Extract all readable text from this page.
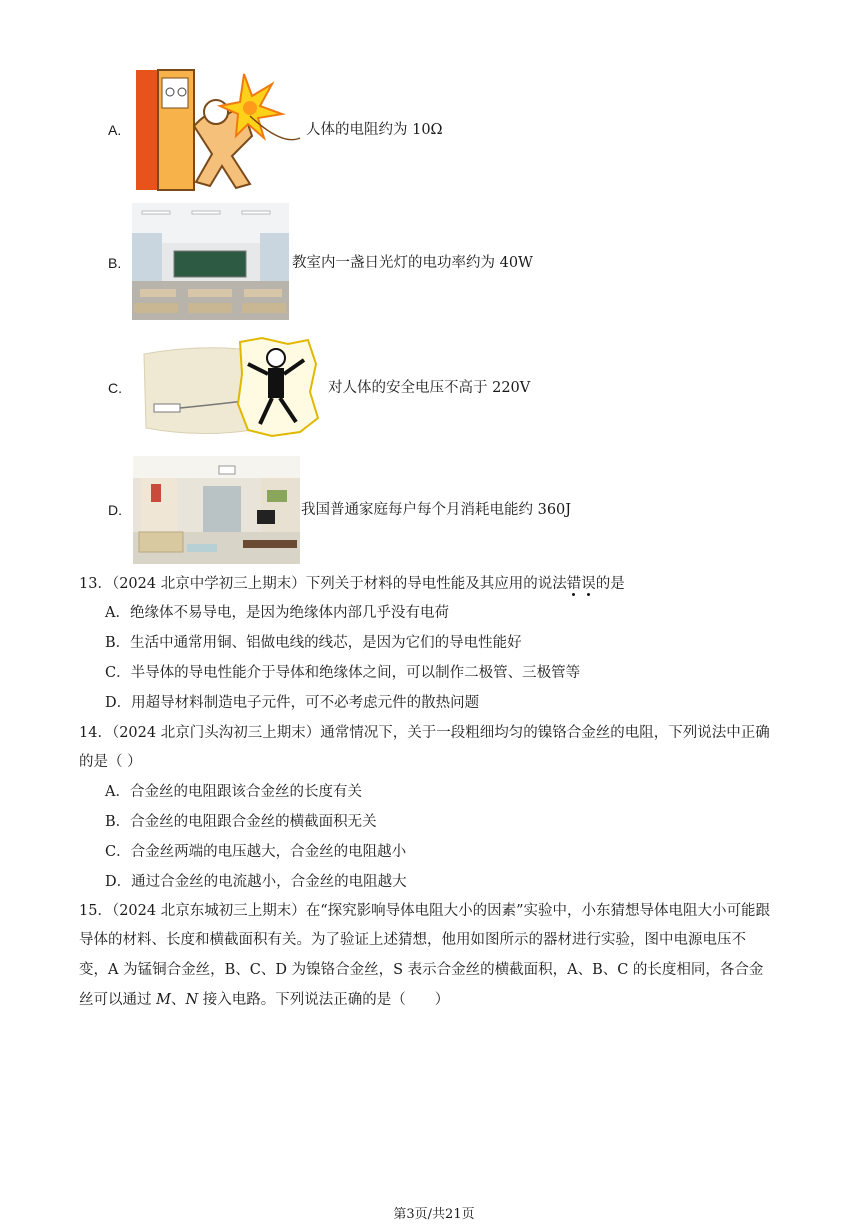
A.	人体的电阻约为 10Ω
B.	教室内一盏日光灯的电功率约为 40W
C.	对人体的安全电压不高于 220V
D.	我国普通家庭每户每个月消耗电能约 360J
13．（2024 北京中学初三上期末）下列关于材料的导电性能及其应用的说法错误的是
A．绝缘体不易导电，是因为绝缘体内部几乎没有电荷
B．生活中通常用铜、铝做电线的线芯，是因为它们的导电性能好
C．半导体的导电性能介于导体和绝缘体之间，可以制作二极管、三极管等
D．用超导材料制造电子元件，可不必考虑元件的散热问题
14．（2024 北京门头沟初三上期末）通常情况下，关于一段粗细均匀的镍铬合金丝的电阻，下列说法中正确
的是（ ）
A．合金丝的电阻跟该合金丝的长度有关
B．合金丝的电阻跟合金丝的横截面积无关
C．合金丝两端的电压越大，合金丝的电阻越小
D．通过合金丝的电流越小，合金丝的电阻越大
15．（2024 北京东城初三上期末）在“探究影响导体电阻大小的因素”实验中，小东猜想导体电阻大小可能跟
导体的材料、长度和横截面积有关。为了验证上述猜想，他用如图所示的器材进行实验，图中电源电压不
变，A 为锰铜合金丝，B、C、D 为镍铬合金丝，S 表示合金丝的横截面积，A、B、C 的长度相同，各合金
丝可以通过 M、N 接入电路。下列说法正确的是（　　）
第3页/共21页
